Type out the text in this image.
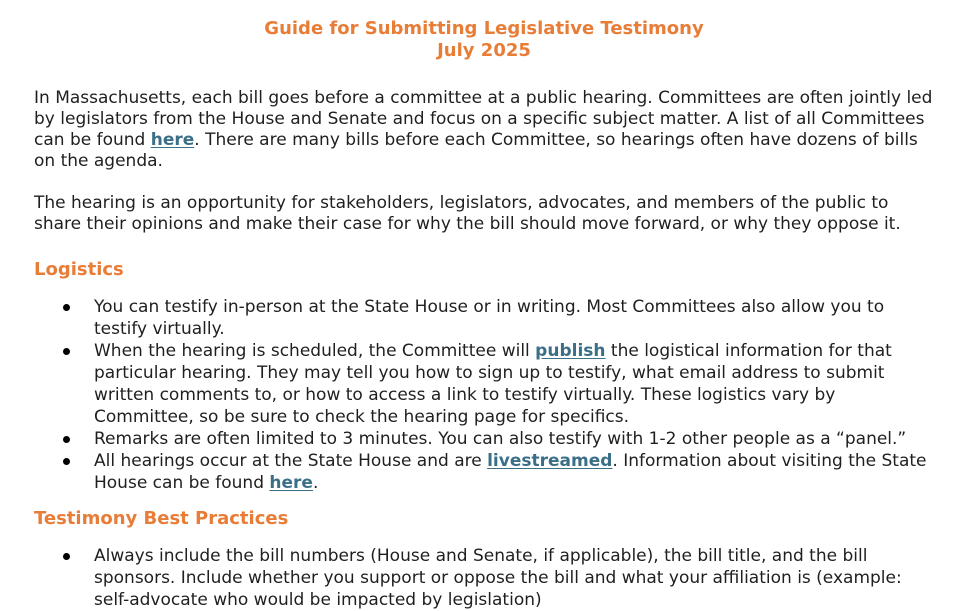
Guide for Submitting Legislative Testimony
July 2025

In Massachusetts, each bill goes before a committee at a public hearing. Committees are often jointly led by legislators from the House and Senate and focus on a specific subject matter. A list of all Committees can be found here. There are many bills before each Committee, so hearings often have dozens of bills on the agenda.

The hearing is an opportunity for stakeholders, legislators, advocates, and members of the public to share their opinions and make their case for why the bill should move forward, or why they oppose it.

Logistics
You can testify in-person at the State House or in writing. Most Committees also allow you to testify virtually.
When the hearing is scheduled, the Committee will publish the logistical information for that particular hearing. They may tell you how to sign up to testify, what email address to submit written comments to, or how to access a link to testify virtually. These logistics vary by Committee, so be sure to check the hearing page for specifics.
Remarks are often limited to 3 minutes. You can also testify with 1-2 other people as a “panel.”
All hearings occur at the State House and are livestreamed. Information about visiting the State House can be found here.
Testimony Best Practices
Always include the bill numbers (House and Senate, if applicable), the bill title, and the bill sponsors. Include whether you support or oppose the bill and what your affiliation is (example: self-advocate who would be impacted by legislation)
